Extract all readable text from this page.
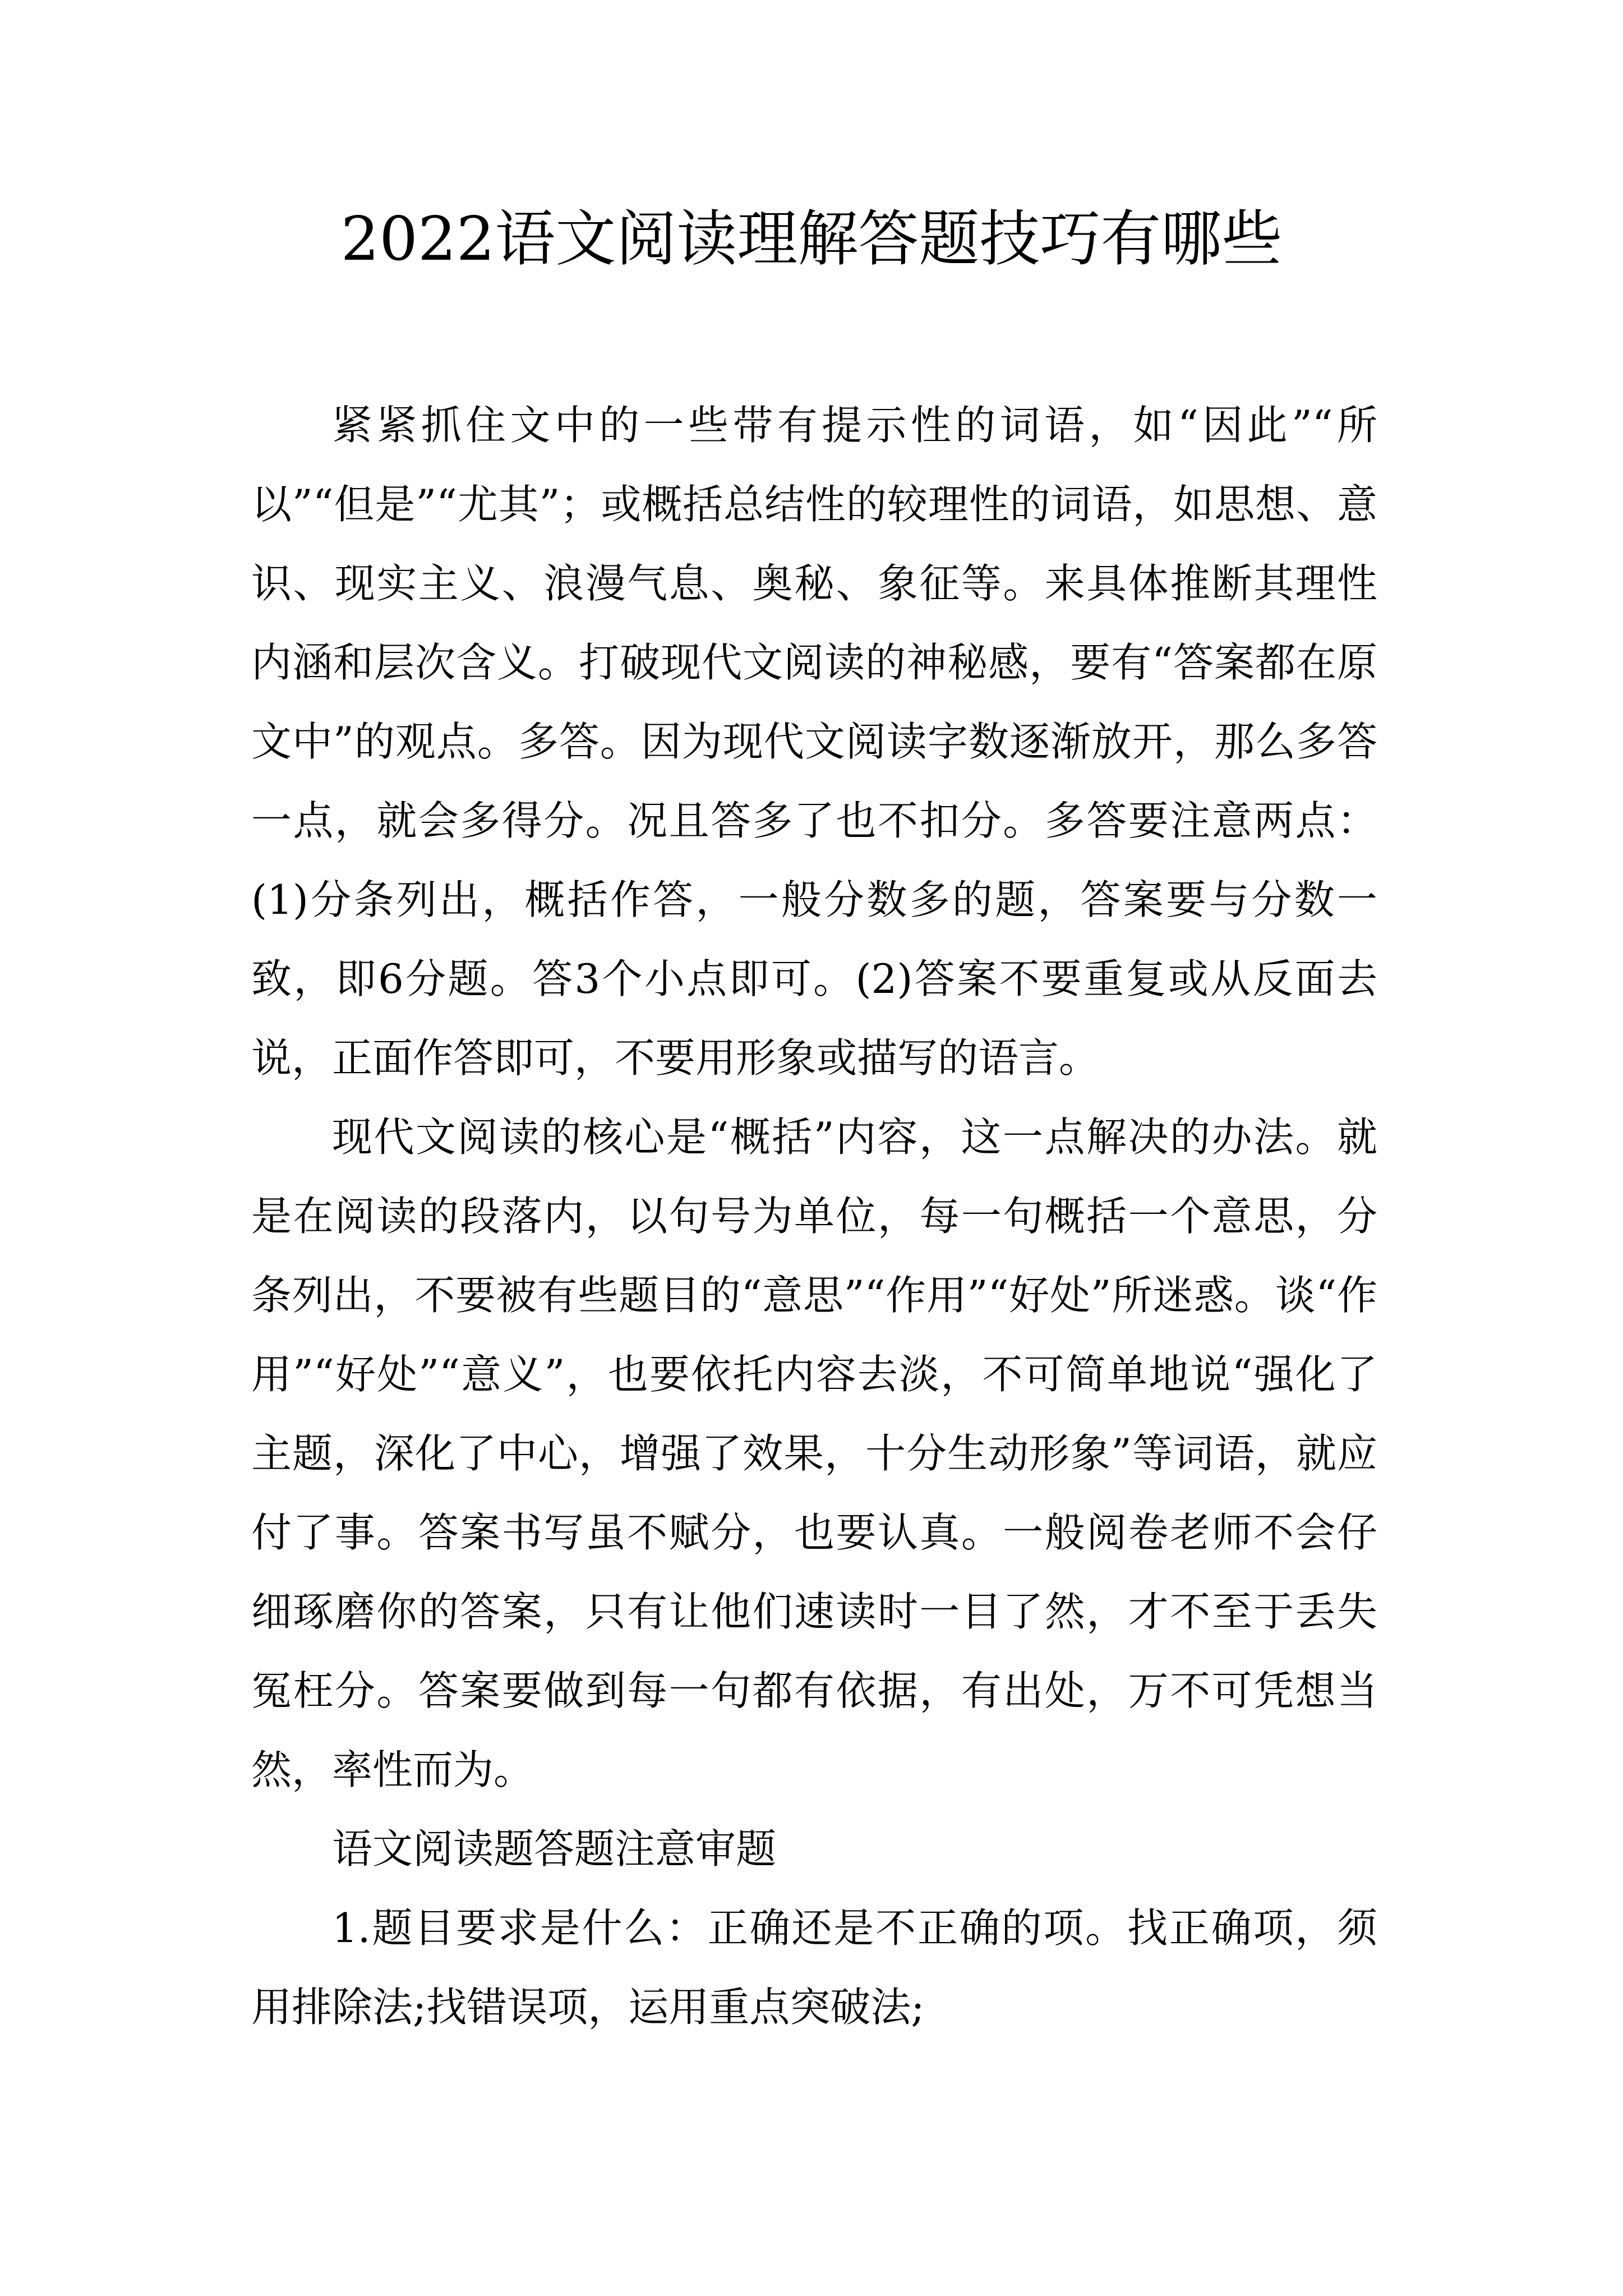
2022语文阅读理解答题技巧有哪些

紧紧抓住文中的一些带有提示性的词语，如“因此”“所以”“但是”“尤其”；或概括总结性的较理性的词语，如思想、意识、现实主义、浪漫气息、奥秘、象征等。来具体推断其理性内涵和层次含义。打破现代文阅读的神秘感，要有“答案都在原文中”的观点。多答。因为现代文阅读字数逐渐放开，那么多答一点，就会多得分。况且答多了也不扣分。多答要注意两点：(1)分条列出，概括作答，一般分数多的题，答案要与分数一致，即6分题。答3个小点即可。(2)答案不要重复或从反面去说，正面作答即可，不要用形象或描写的语言。

现代文阅读的核心是“概括”内容，这一点解决的办法。就是在阅读的段落内，以句号为单位，每一句概括一个意思，分条列出，不要被有些题目的“意思”“作用”“好处”所迷惑。谈“作用”“好处”“意义”，也要依托内容去淡，不可简单地说“强化了主题，深化了中心，增强了效果，十分生动形象”等词语，就应付了事。答案书写虽不赋分，也要认真。一般阅卷老师不会仔细琢磨你的答案，只有让他们速读时一目了然，才不至于丢失冤枉分。答案要做到每一句都有依据，有出处，万不可凭想当然，率性而为。

语文阅读题答题注意审题

1.题目要求是什么：正确还是不正确的项。找正确项，须用排除法;找错误项，运用重点突破法;
